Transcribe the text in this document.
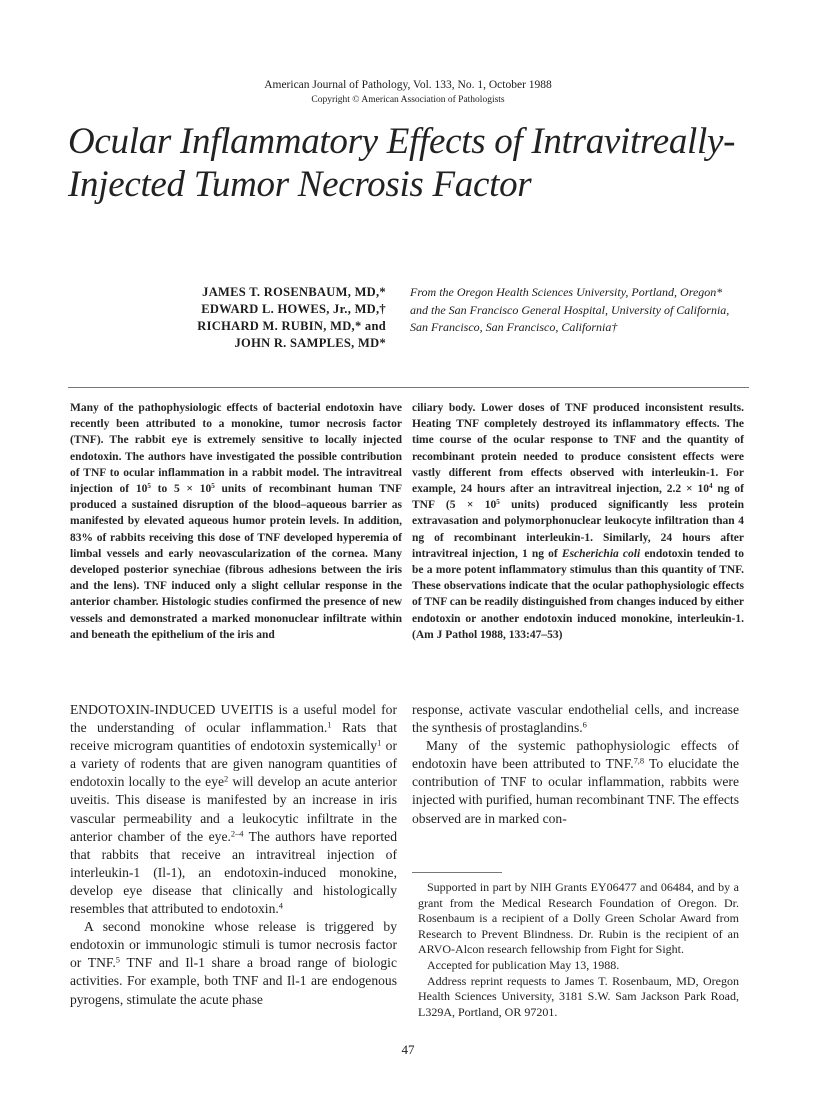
American Journal of Pathology, Vol. 133, No. 1, October 1988
Copyright © American Association of Pathologists
Ocular Inflammatory Effects of Intravitreally-
Injected Tumor Necrosis Factor
JAMES T. ROSENBAUM, MD,*
EDWARD L. HOWES, Jr., MD,†
RICHARD M. RUBIN, MD,* and
JOHN R. SAMPLES, MD*
From the Oregon Health Sciences University, Portland, Oregon*
and the San Francisco General Hospital, University of California,
San Francisco, San Francisco, California†
Many of the pathophysiologic effects of bacterial endotoxin have recently been attributed to a monokine, tumor necrosis factor (TNF). The rabbit eye is extremely sensitive to locally injected endotoxin. The authors have investigated the possible contribution of TNF to ocular inflammation in a rabbit model. The intravitreal injection of $10^5$ to $5 \times 10^5$ units of recombinant human TNF produced a sustained disruption of the blood–aqueous barrier as manifested by elevated aqueous humor protein levels. In addition, 83% of rabbits receiving this dose of TNF developed hyperemia of limbal vessels and early neovascularization of the cornea. Many developed posterior synechiae (fibrous adhesions between the iris and the lens). TNF induced only a slight cellular response in the anterior chamber. Histologic studies confirmed the presence of new vessels and demonstrated a marked mononuclear infiltrate within and beneath the epithelium of the iris and
ciliary body. Lower doses of TNF produced inconsistent results. Heating TNF completely destroyed its inflammatory effects. The time course of the ocular response to TNF and the quantity of recombinant protein needed to produce consistent effects were vastly different from effects observed with interleukin-1. For example, 24 hours after an intravitreal injection, $2.2 \times 10^4$ ng of TNF ($5 \times 10^5$ units) produced significantly less protein extravasation and polymorphonuclear leukocyte infiltration than 4 ng of recombinant interleukin-1. Similarly, 24 hours after intravitreal injection, 1 ng of Escherichia coli endotoxin tended to be a more potent inflammatory stimulus than this quantity of TNF. These observations indicate that the ocular pathophysiologic effects of TNF can be readily distinguished from changes induced by either endotoxin or another endotoxin induced monokine, interleukin-1. (Am J Pathol 1988, 133:47–53)

ENDOTOXIN-INDUCED UVEITIS is a useful model for the understanding of ocular inflammation.$^1$ Rats that receive microgram quantities of endotoxin systemically$^1$ or a variety of rodents that are given nanogram quantities of endotoxin locally to the eye$^2$ will develop an acute anterior uveitis. This disease is manifested by an increase in iris vascular permeability and a leukocytic infiltrate in the anterior chamber of the eye.$^{2-4}$ The authors have reported that rabbits that receive an intravitreal injection of interleukin-1 (Il-1), an endotoxin-induced monokine, develop eye disease that clinically and histologically resembles that attributed to endotoxin.$^4$

A second monokine whose release is triggered by endotoxin or immunologic stimuli is tumor necrosis factor or TNF.$^5$ TNF and Il-1 share a broad range of biologic activities. For example, both TNF and Il-1 are endogenous pyrogens, stimulate the acute phase

response, activate vascular endothelial cells, and increase the synthesis of prostaglandins.$^6$

Many of the systemic pathophysiologic effects of endotoxin have been attributed to TNF.$^{7,8}$ To elucidate the contribution of TNF to ocular inflammation, rabbits were injected with purified, human recombinant TNF. The effects observed are in marked con-

Supported in part by NIH Grants EY06477 and 06484, and by a grant from the Medical Research Foundation of Oregon. Dr. Rosenbaum is a recipient of a Dolly Green Scholar Award from Research to Prevent Blindness. Dr. Rubin is the recipient of an ARVO-Alcon research fellowship from Fight for Sight.

Accepted for publication May 13, 1988.

Address reprint requests to James T. Rosenbaum, MD, Oregon Health Sciences University, 3181 S.W. Sam Jackson Park Road, L329A, Portland, OR 97201.

47
